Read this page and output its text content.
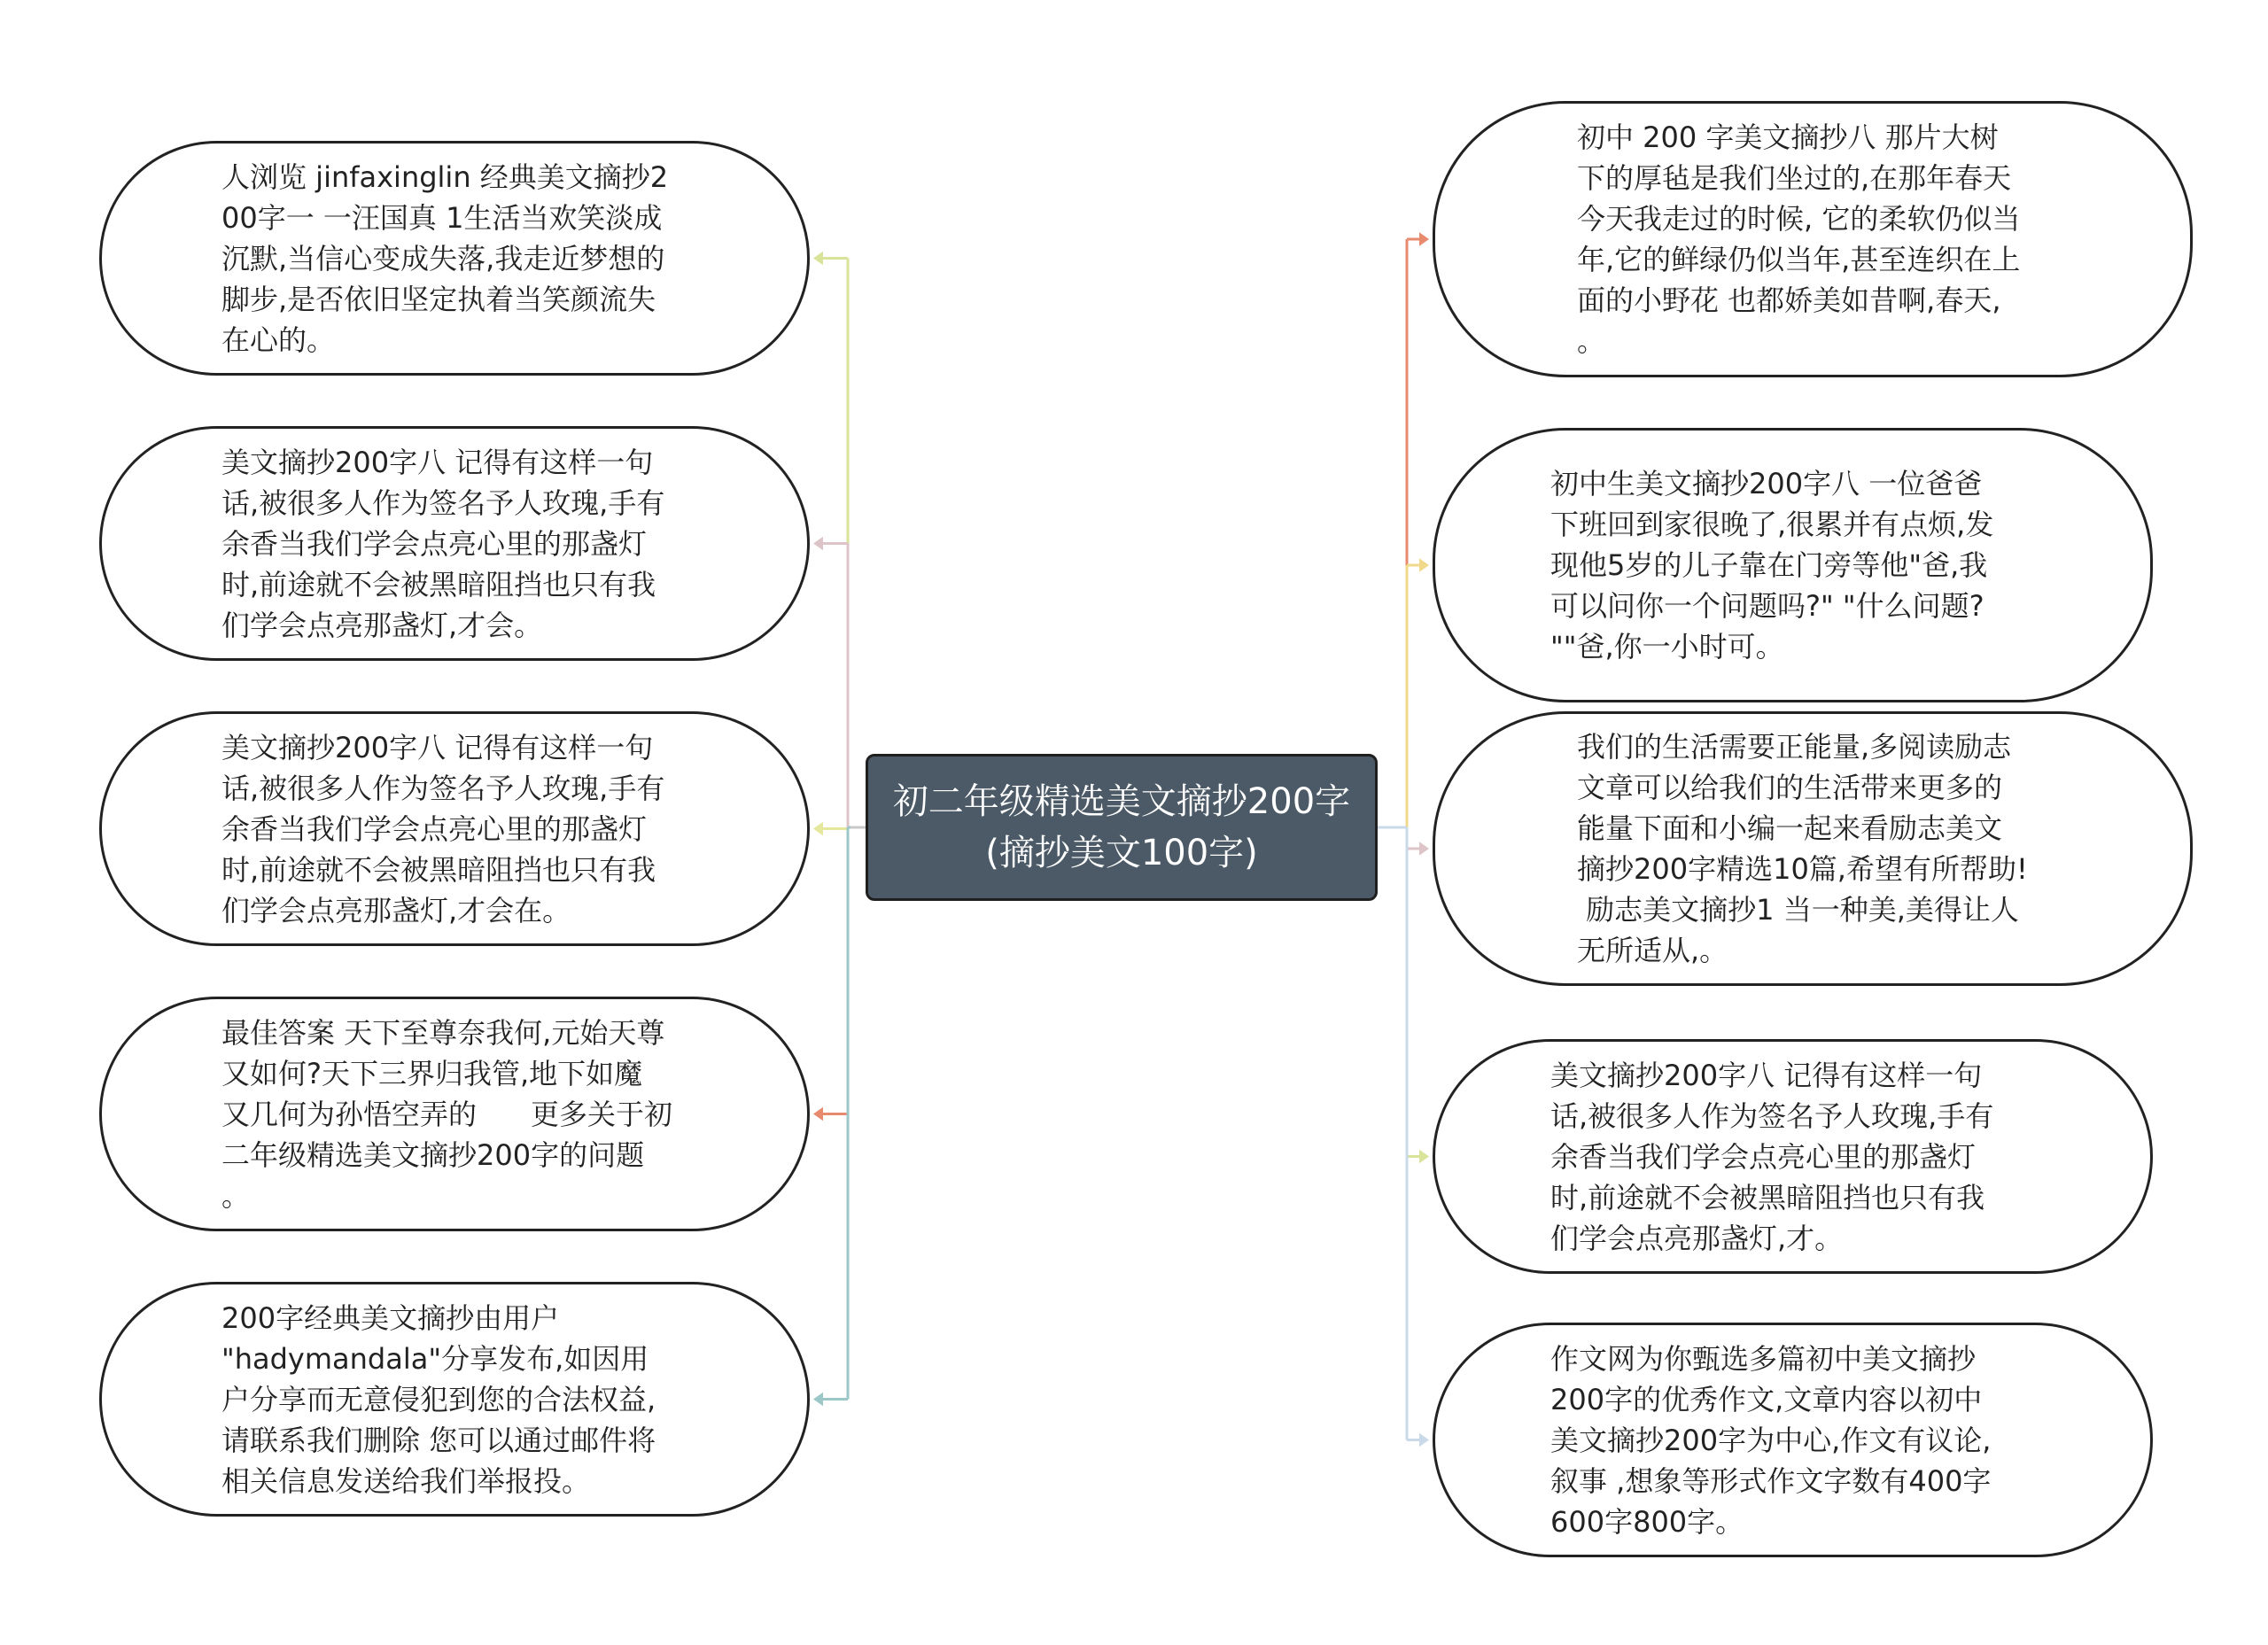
初二年级精选美文摘抄200字(摘抄美文100字)
人浏览 jinfaxinglin 经典美文摘抄2
00字一 一汪国真 1生活当欢笑淡成
沉默,当信心变成失落,我走近梦想的
脚步,是否依旧坚定执着当笑颜流失
在心的。
美文摘抄200字八 记得有这样一句
话,被很多人作为签名予人玫瑰,手有
余香当我们学会点亮心里的那盏灯
时,前途就不会被黑暗阻挡也只有我
们学会点亮那盏灯,才会。
美文摘抄200字八 记得有这样一句
话,被很多人作为签名予人玫瑰,手有
余香当我们学会点亮心里的那盏灯
时,前途就不会被黑暗阻挡也只有我
们学会点亮那盏灯,才会在。
最佳答案 天下至尊奈我何,元始天尊
又如何?天下三界归我管,地下如魔
又几何为孙悟空弄的      更多关于初
二年级精选美文摘抄200字的问题
。
200字经典美文摘抄由用户
"hadymandala"分享发布,如因用
户分享而无意侵犯到您的合法权益,
请联系我们删除 您可以通过邮件将
相关信息发送给我们举报投。
初中 200 字美文摘抄八 那片大树
下的厚毡是我们坐过的,在那年春天
今天我走过的时候, 它的柔软仍似当
年,它的鲜绿仍似当年,甚至连织在上
面的小野花 也都娇美如昔啊,春天,
。
初中生美文摘抄200字八 一位爸爸
下班回到家很晚了,很累并有点烦,发
现他5岁的儿子靠在门旁等他"爸,我
可以问你一个问题吗?" "什么问题?
""爸,你一小时可。
我们的生活需要正能量,多阅读励志
文章可以给我们的生活带来更多的
能量下面和小编一起来看励志美文
摘抄200字精选10篇,希望有所帮助!
励志美文摘抄1 当一种美,美得让人
无所适从,。
美文摘抄200字八 记得有这样一句
话,被很多人作为签名予人玫瑰,手有
余香当我们学会点亮心里的那盏灯
时,前途就不会被黑暗阻挡也只有我
们学会点亮那盏灯,才。
作文网为你甄选多篇初中美文摘抄
200字的优秀作文,文章内容以初中
美文摘抄200字为中心,作文有议论,
叙事 ,想象等形式作文字数有400字
600字800字。
